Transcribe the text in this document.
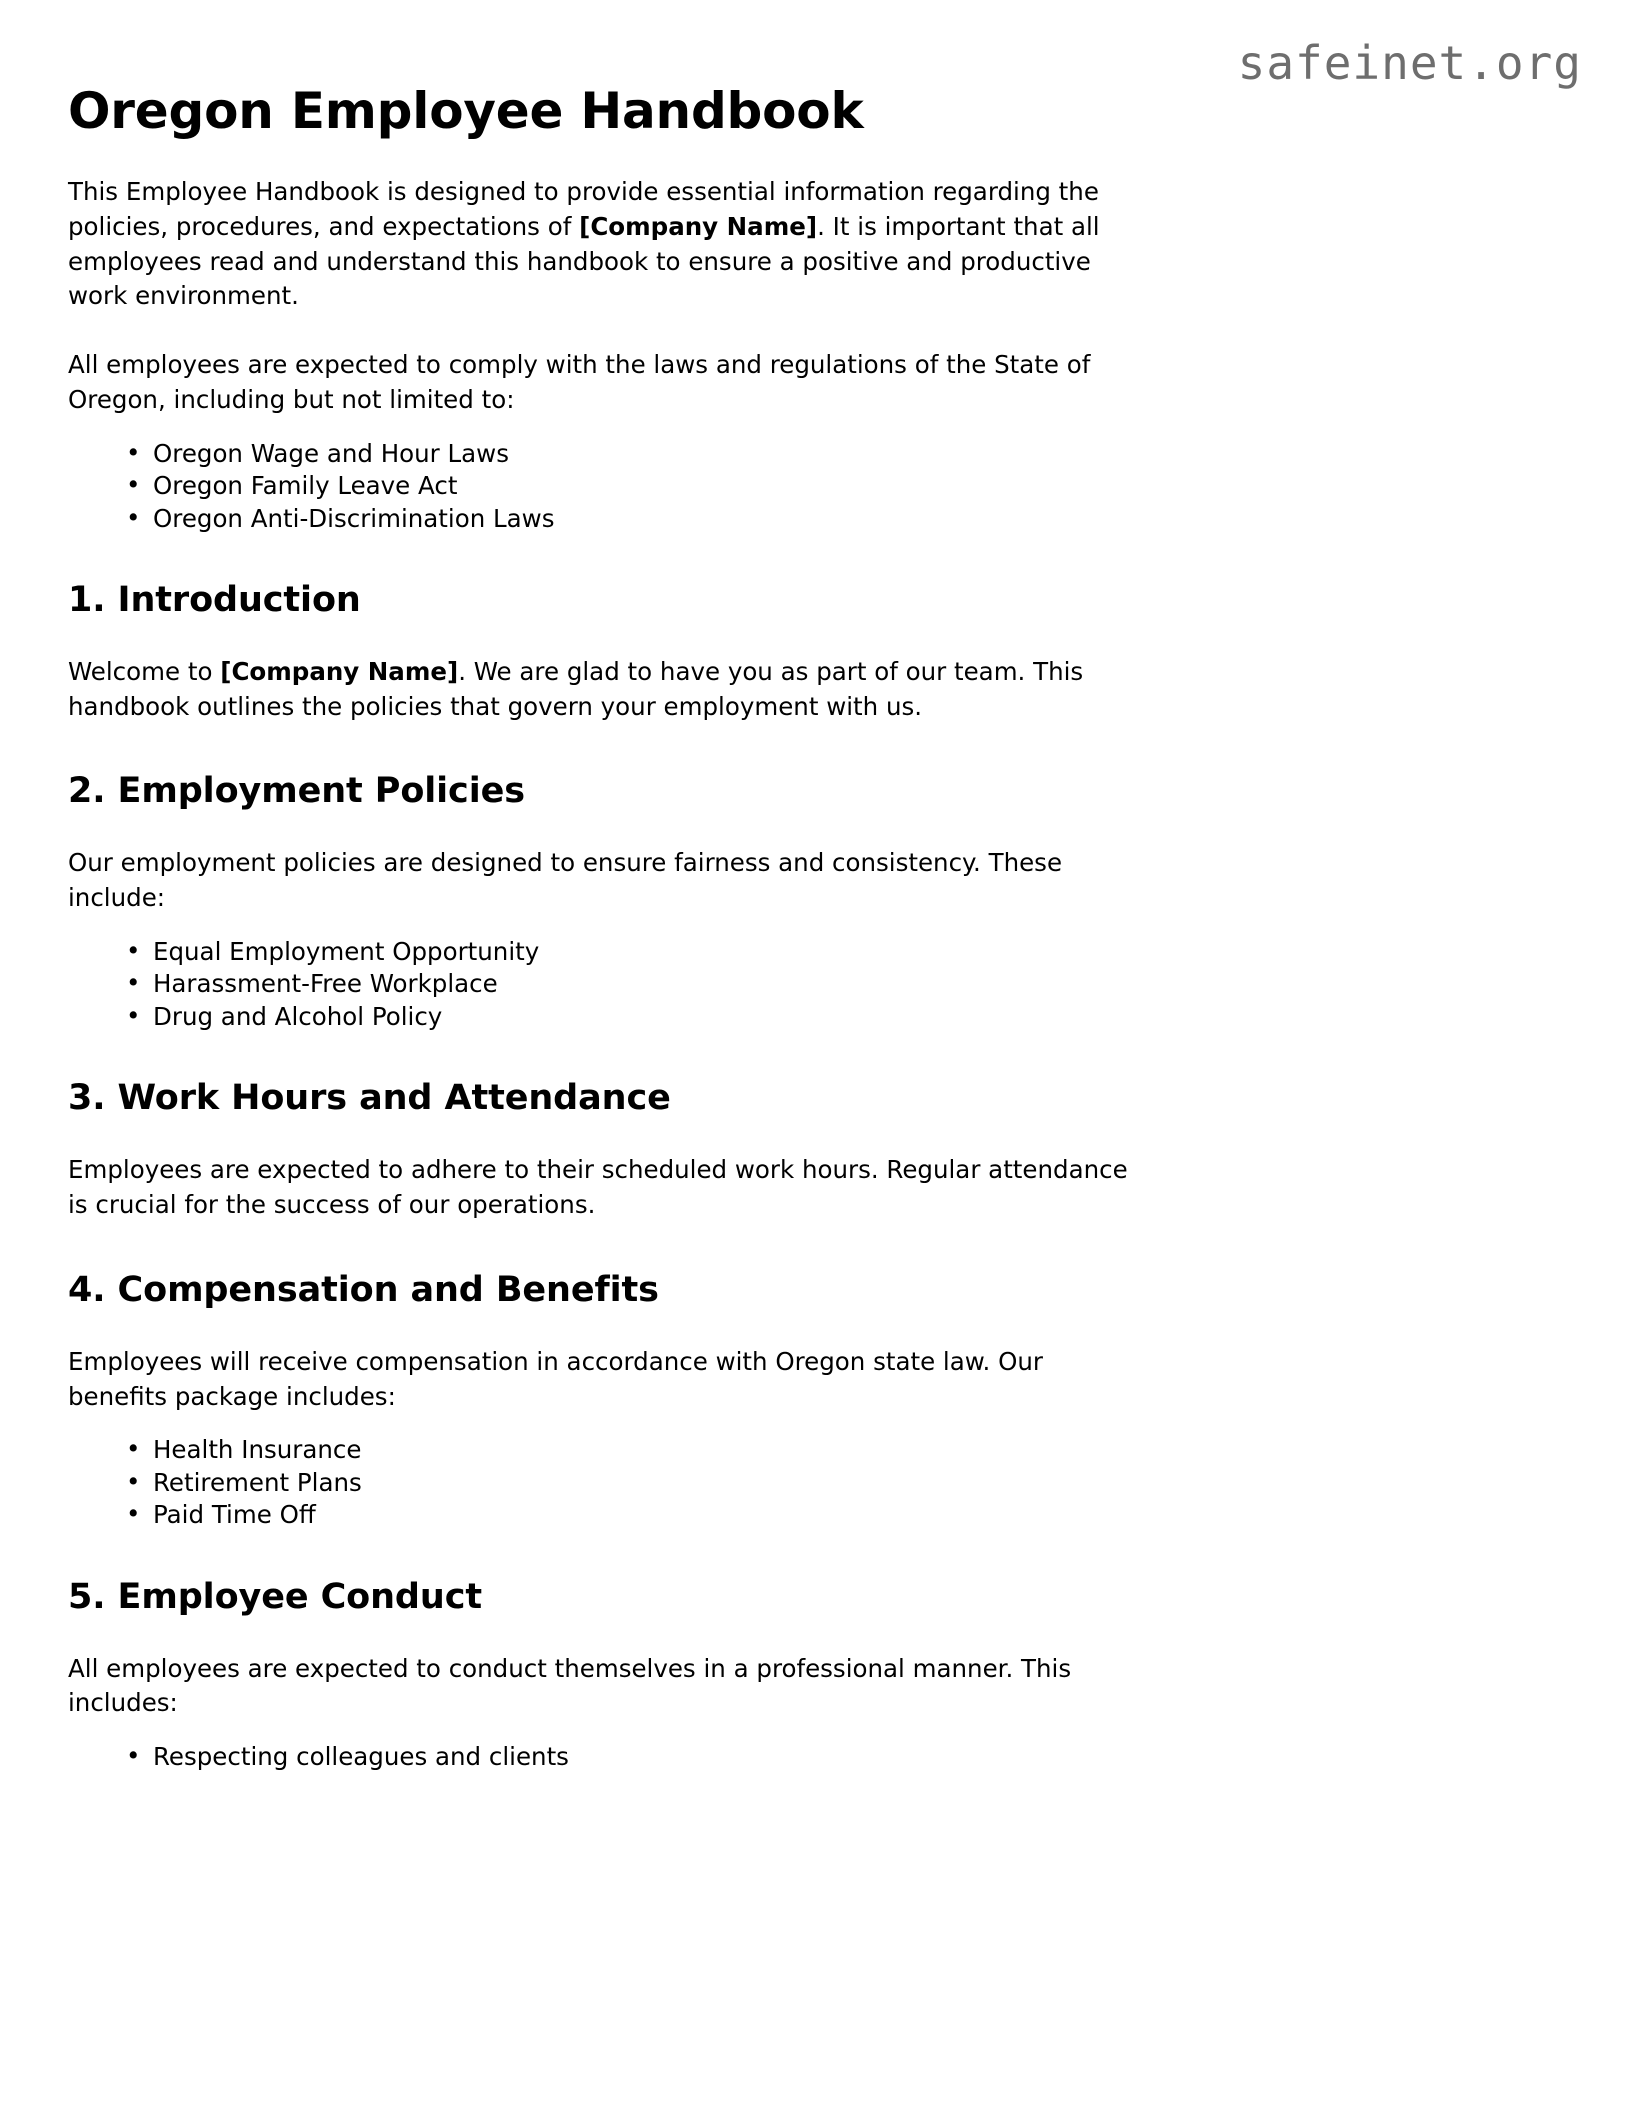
safeinet.org
Oregon Employee Handbook

This Employee Handbook is designed to provide essential information regarding the policies, procedures, and expectations of [Company Name]. It is important that all employees read and understand this handbook to ensure a positive and productive work environment.

All employees are expected to comply with the laws and regulations of the State of Oregon, including but not limited to:

• Oregon Wage and Hour Laws
• Oregon Family Leave Act
• Oregon Anti-Discrimination Laws
1. Introduction

Welcome to [Company Name]. We are glad to have you as part of our team. This handbook outlines the policies that govern your employment with us.

2. Employment Policies

Our employment policies are designed to ensure fairness and consistency. These include:

• Equal Employment Opportunity
• Harassment-Free Workplace
• Drug and Alcohol Policy
3. Work Hours and Attendance

Employees are expected to adhere to their scheduled work hours. Regular attendance is crucial for the success of our operations.

4. Compensation and Benefits

Employees will receive compensation in accordance with Oregon state law. Our benefits package includes:

• Health Insurance
• Retirement Plans
• Paid Time Off
5. Employee Conduct

All employees are expected to conduct themselves in a professional manner. This includes:

• Respecting colleagues and clients
